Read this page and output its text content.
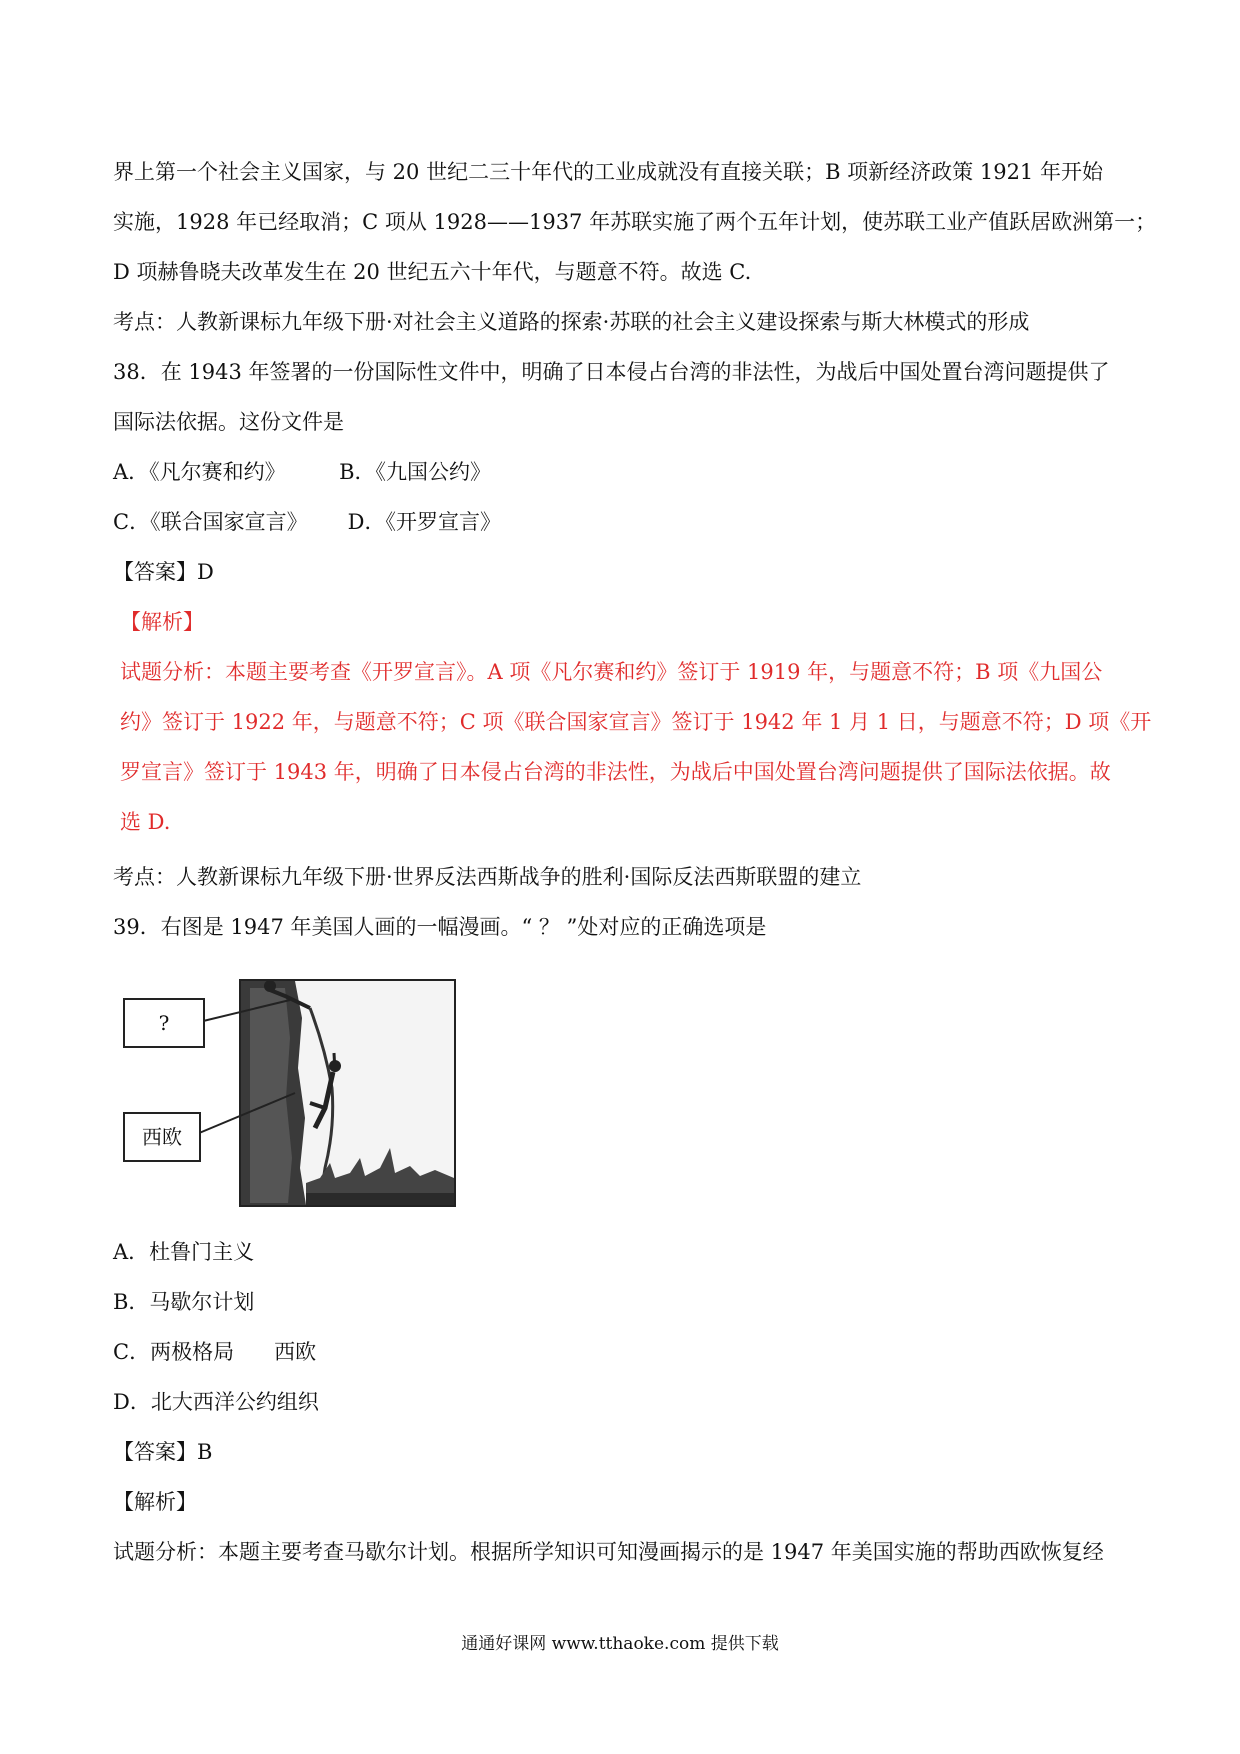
界上第一个社会主义国家，与 20 世纪二三十年代的工业成就没有直接关联；B 项新经济政策 1921 年开始
实施，1928 年已经取消；C 项从 1928——1937 年苏联实施了两个五年计划，使苏联工业产值跃居欧洲第一；
D 项赫鲁晓夫改革发生在 20 世纪五六十年代，与题意不符。故选 C.
考点：人教新课标九年级下册·对社会主义道路的探索·苏联的社会主义建设探索与斯大林模式的形成
38．在 1943 年签署的一份国际性文件中，明确了日本侵占台湾的非法性，为战后中国处置台湾问题提供了
国际法依据。这份文件是
A．《凡尔赛和约》        B．《九国公约》
C．《联合国家宣言》      D．《开罗宣言》
【答案】D
【解析】
试题分析：本题主要考查《开罗宣言》。A 项《凡尔赛和约》签订于 1919 年，与题意不符；B 项《九国公
约》签订于 1922 年，与题意不符；C 项《联合国家宣言》签订于 1942 年 1 月 1 日，与题意不符；D 项《开
罗宣言》签订于 1943 年，明确了日本侵占台湾的非法性，为战后中国处置台湾问题提供了国际法依据。故
选 D.
考点：人教新课标九年级下册·世界反法西斯战争的胜利·国际反法西斯联盟的建立
39．右图是 1947 年美国人画的一幅漫画。“ ？ ”处对应的正确选项是
?
西欧
A．杜鲁门主义
B．马歇尔计划
C．两极格局      西欧
D．北大西洋公约组织
【答案】B
【解析】
试题分析：本题主要考查马歇尔计划。根据所学知识可知漫画揭示的是 1947 年美国实施的帮助西欧恢复经
通通好课网 www.tthaoke.com 提供下载
